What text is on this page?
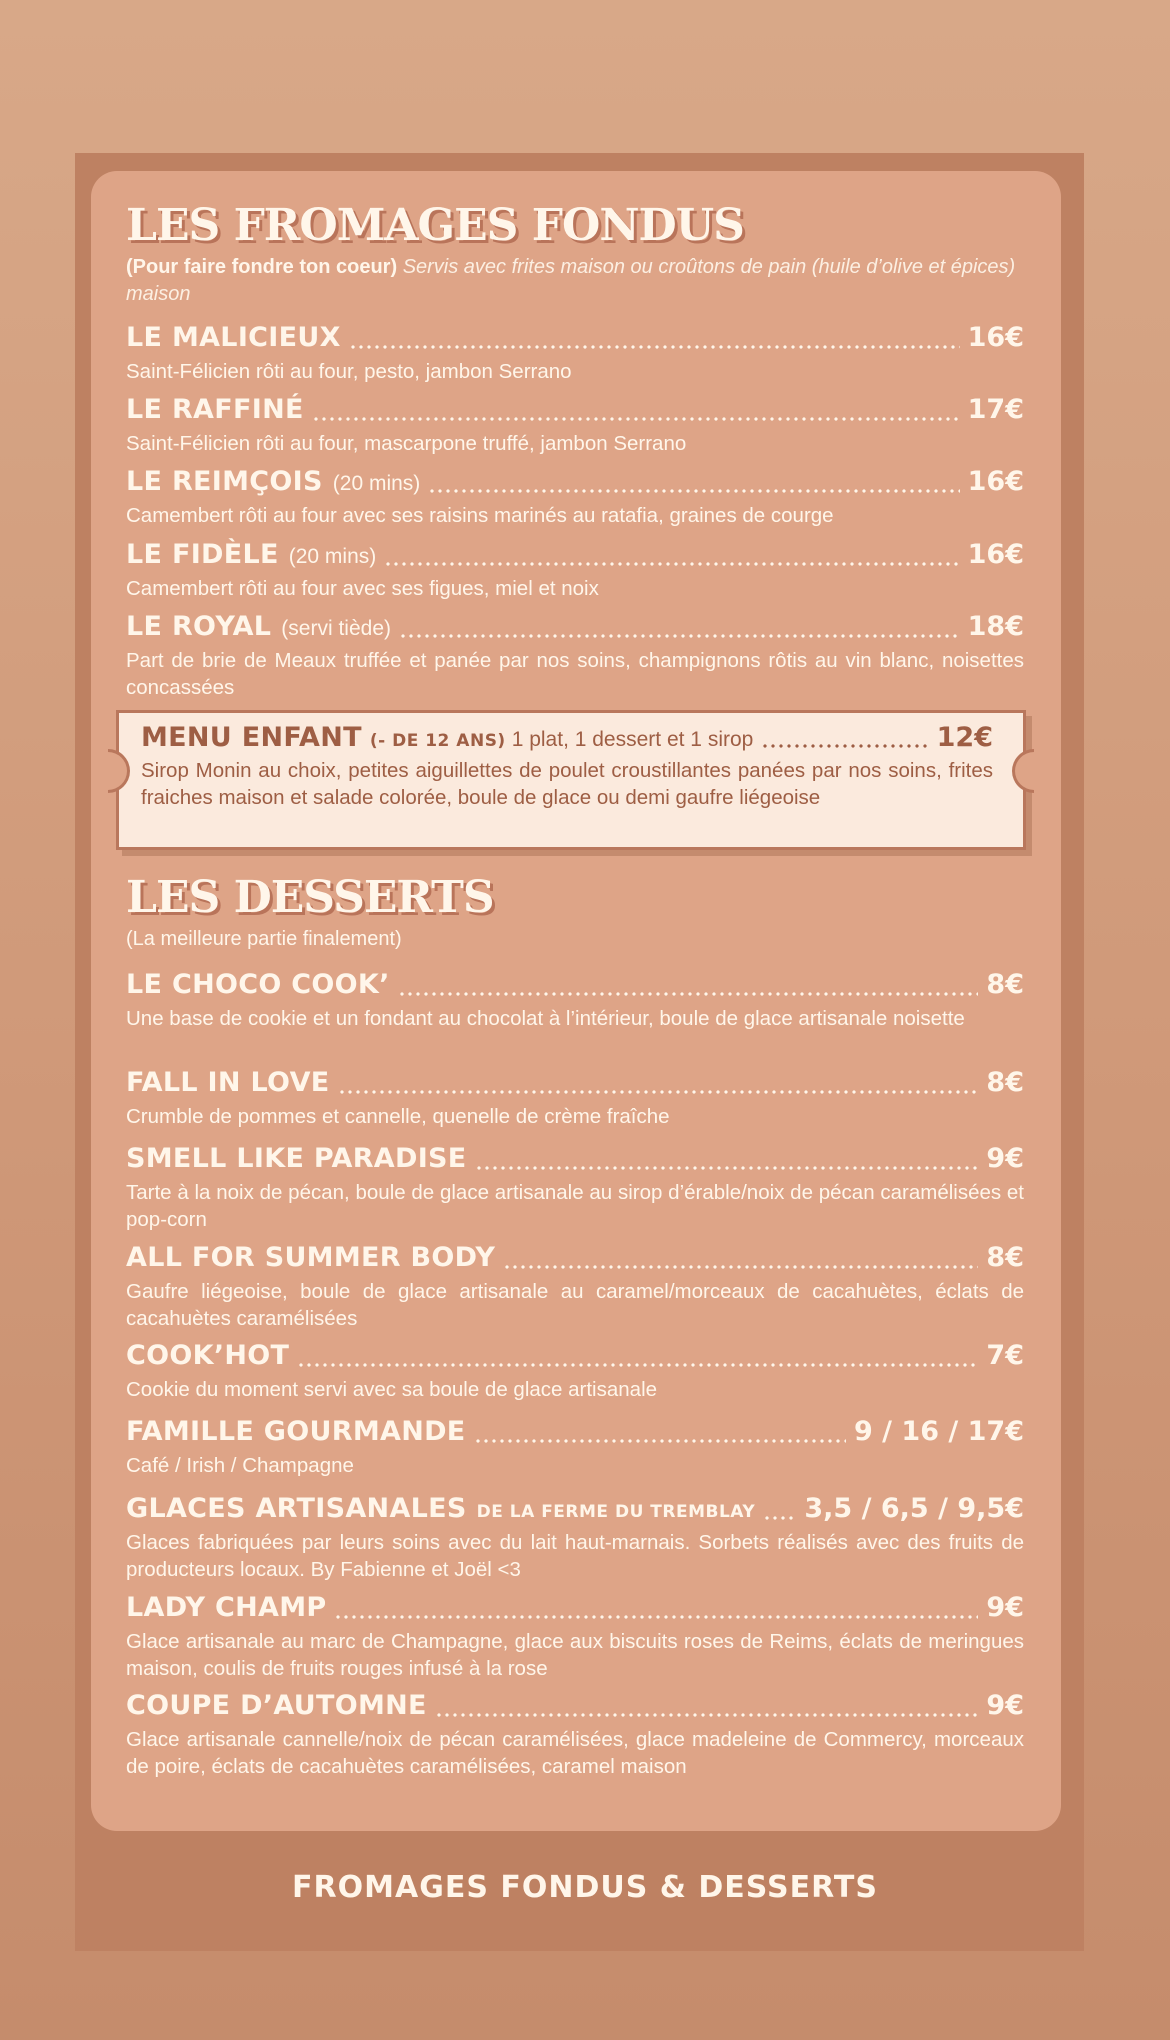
LES FROMAGES FONDUS
(Pour faire fondre ton coeur) Servis avec frites maison ou croûtons de pain (huile d’olive et épices) maison
LE MALICIEUX	16€
Saint-Félicien rôti au four, pesto, jambon Serrano
LE RAFFINÉ	17€
Saint-Félicien rôti au four, mascarpone truffé, jambon Serrano
LE REIMÇOIS (20 mins)	16€
Camembert rôti au four avec ses raisins marinés au ratafia, graines de courge
LE FIDÈLE (20 mins)	16€
Camembert rôti au four avec ses figues, miel et noix
LE ROYAL (servi tiède)	18€
Part de brie de Meaux truffée et panée par nos soins, champignons rôtis au vin blanc, noisettes concassées
MENU ENFANT (- DE 12 ANS) 1 plat, 1 dessert et 1 sirop	12€
Sirop Monin au choix, petites aiguillettes de poulet croustillantes panées par nos soins, frites fraiches maison et salade colorée, boule de glace ou demi gaufre liégeoise
LES DESSERTS
(La meilleure partie finalement)
LE CHOCO COOK’	8€
Une base de cookie et un fondant au chocolat à l’intérieur, boule de glace artisanale noisette
FALL IN LOVE	8€
Crumble de pommes et cannelle, quenelle de crème fraîche
SMELL LIKE PARADISE	9€
Tarte à la noix de pécan, boule de glace artisanale au sirop d’érable/noix de pécan caramélisées et pop-corn
ALL FOR SUMMER BODY	8€
Gaufre liégeoise, boule de glace artisanale au caramel/morceaux de cacahuètes, éclats de cacahuètes caramélisées
COOK’HOT	7€
Cookie du moment servi avec sa boule de glace artisanale
FAMILLE GOURMANDE	9 / 16 / 17€
Café / Irish / Champagne
GLACES ARTISANALES DE LA FERME DU TREMBLAY 3,5 / 6,5 / 9,5€
Glaces fabriquées par leurs soins avec du lait haut-marnais. Sorbets réalisés avec des fruits de producteurs locaux. By Fabienne et Joël <3
LADY CHAMP	9€
Glace artisanale au marc de Champagne, glace aux biscuits roses de Reims, éclats de meringues maison, coulis de fruits rouges infusé à la rose
COUPE D’AUTOMNE	9€
Glace artisanale cannelle/noix de pécan caramélisées, glace madeleine de Commercy, morceaux de poire, éclats de cacahuètes caramélisées, caramel maison
FROMAGES FONDUS & DESSERTS
